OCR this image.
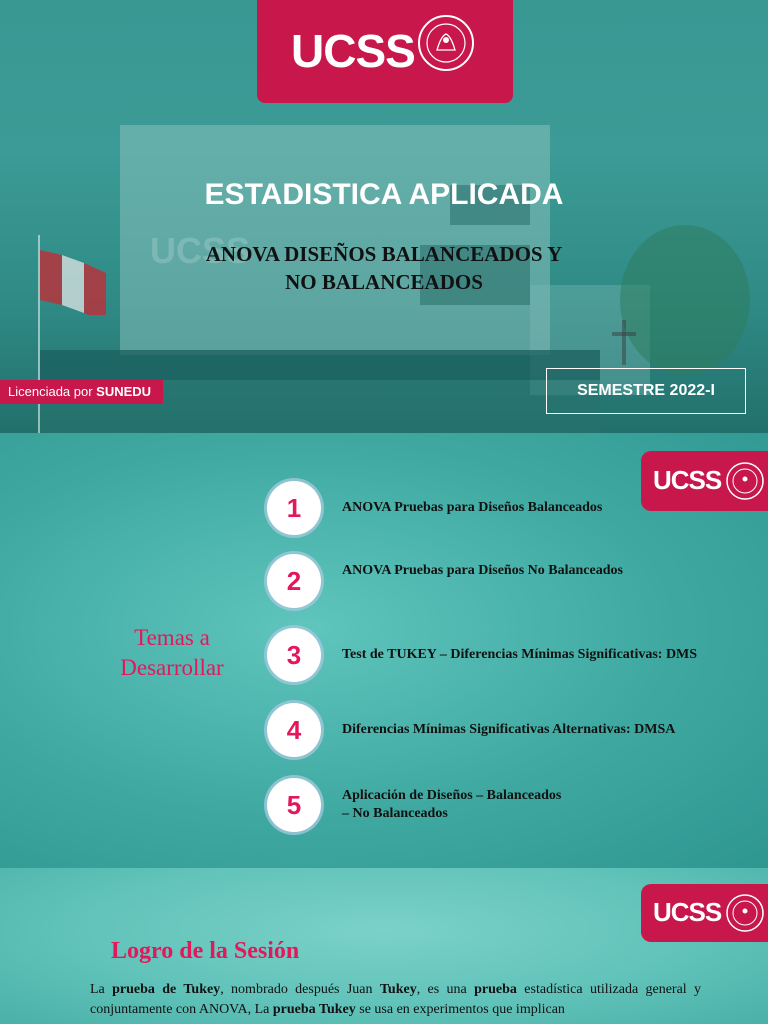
UCSS
UCSS
ESTADISTICA APLICADA
ANOVA DISEÑOS BALANCEADOS Y
NO BALANCEADOS
Licenciada por SUNEDU	SEMESTRE 2022-I
UCSS
Temas a
Desarrollar
1	ANOVA Pruebas para Diseños Balanceados
2	ANOVA Pruebas para Diseños No Balanceados
3	Test de TUKEY – Diferencias Mínimas Significativas: DMS
4	Diferencias Mínimas Significativas Alternativas: DMSA
5	Aplicación de Diseños – Balanceados
– No Balanceados
UCSS
Logro de la Sesión
La prueba de Tukey, nombrado después Juan Tukey, es una prueba estadística utilizada general y conjuntamente con ANOVA, La prueba Tukey se usa en experimentos que implican
